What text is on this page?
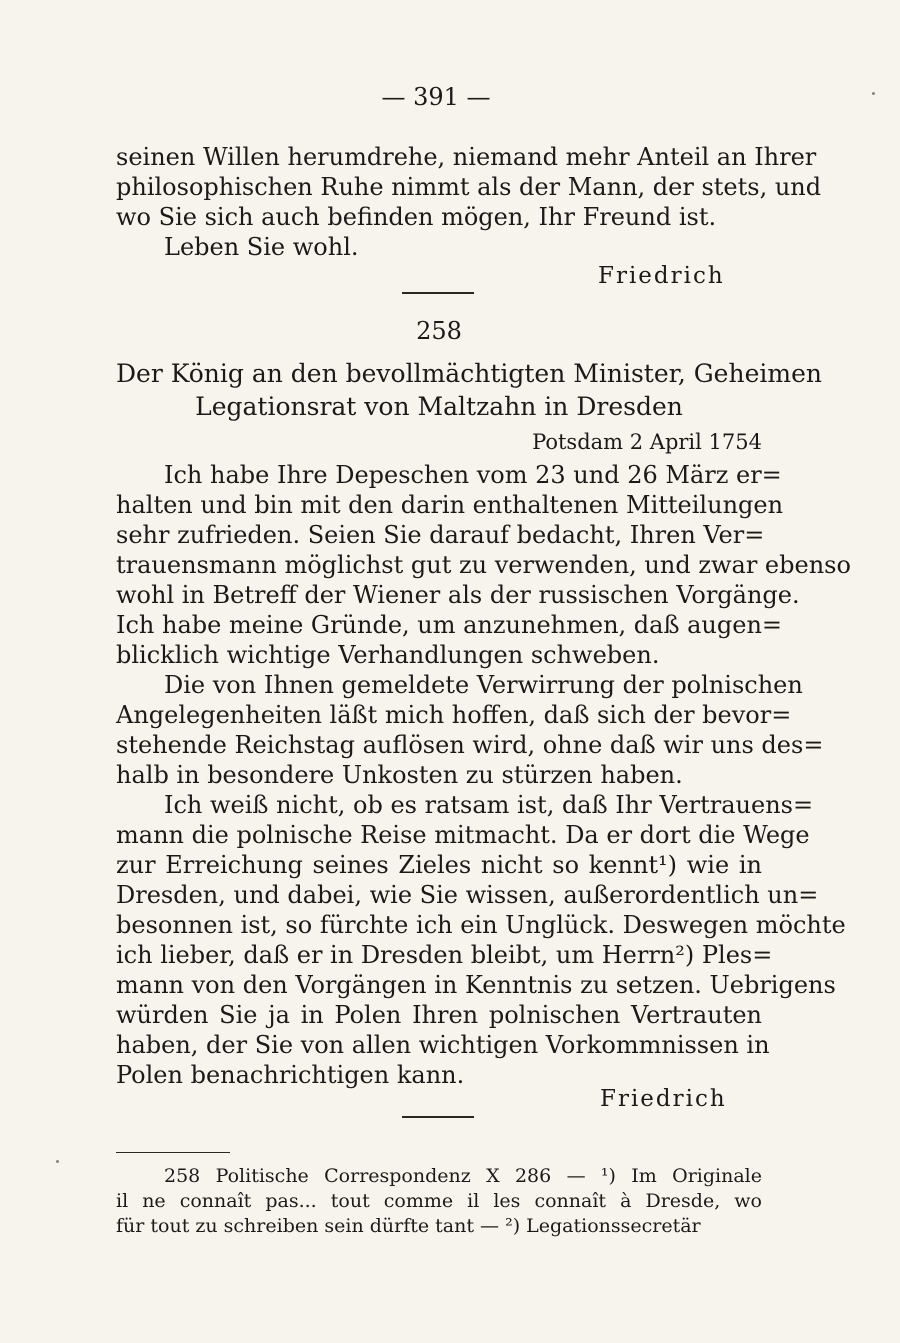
— 391 —
seinen Willen herumdrehe, niemand mehr Anteil an Ihrer
philosophischen Ruhe nimmt als der Mann, der stets, und
wo Sie sich auch befinden mögen, Ihr Freund ist.
Leben Sie wohl.
Friedrich
258
Der König an den bevollmächtigten Minister, Geheimen
Legationsrat von Maltzahn in Dresden
Potsdam 2 April 1754
Ich habe Ihre Depeschen vom 23 und 26 März er=
halten und bin mit den darin enthaltenen Mitteilungen
sehr zufrieden. Seien Sie darauf bedacht, Ihren Ver=
trauensmann möglichst gut zu verwenden, und zwar ebenso
wohl in Betreff der Wiener als der russischen Vorgänge.
Ich habe meine Gründe, um anzunehmen, daß augen=
blicklich wichtige Verhandlungen schweben.
Die von Ihnen gemeldete Verwirrung der polnischen
Angelegenheiten läßt mich hoffen, daß sich der bevor=
stehende Reichstag auflösen wird, ohne daß wir uns des=
halb in besondere Unkosten zu stürzen haben.
Ich weiß nicht, ob es ratsam ist, daß Ihr Vertrauens=
mann die polnische Reise mitmacht. Da er dort die Wege
zur Erreichung seines Zieles nicht so kennt¹) wie in
Dresden, und dabei, wie Sie wissen, außerordentlich un=
besonnen ist, so fürchte ich ein Unglück. Deswegen möchte
ich lieber, daß er in Dresden bleibt, um Herrn²) Ples=
mann von den Vorgängen in Kenntnis zu setzen. Uebrigens
würden Sie ja in Polen Ihren polnischen Vertrauten
haben, der Sie von allen wichtigen Vorkommnissen in
Polen benachrichtigen kann.
Friedrich
258 Politische Correspondenz X 286 — ¹) Im Originale
il ne connaît pas... tout comme il les connaît à Dresde, wo
für tout zu schreiben sein dürfte tant — ²) Legationssecretär
